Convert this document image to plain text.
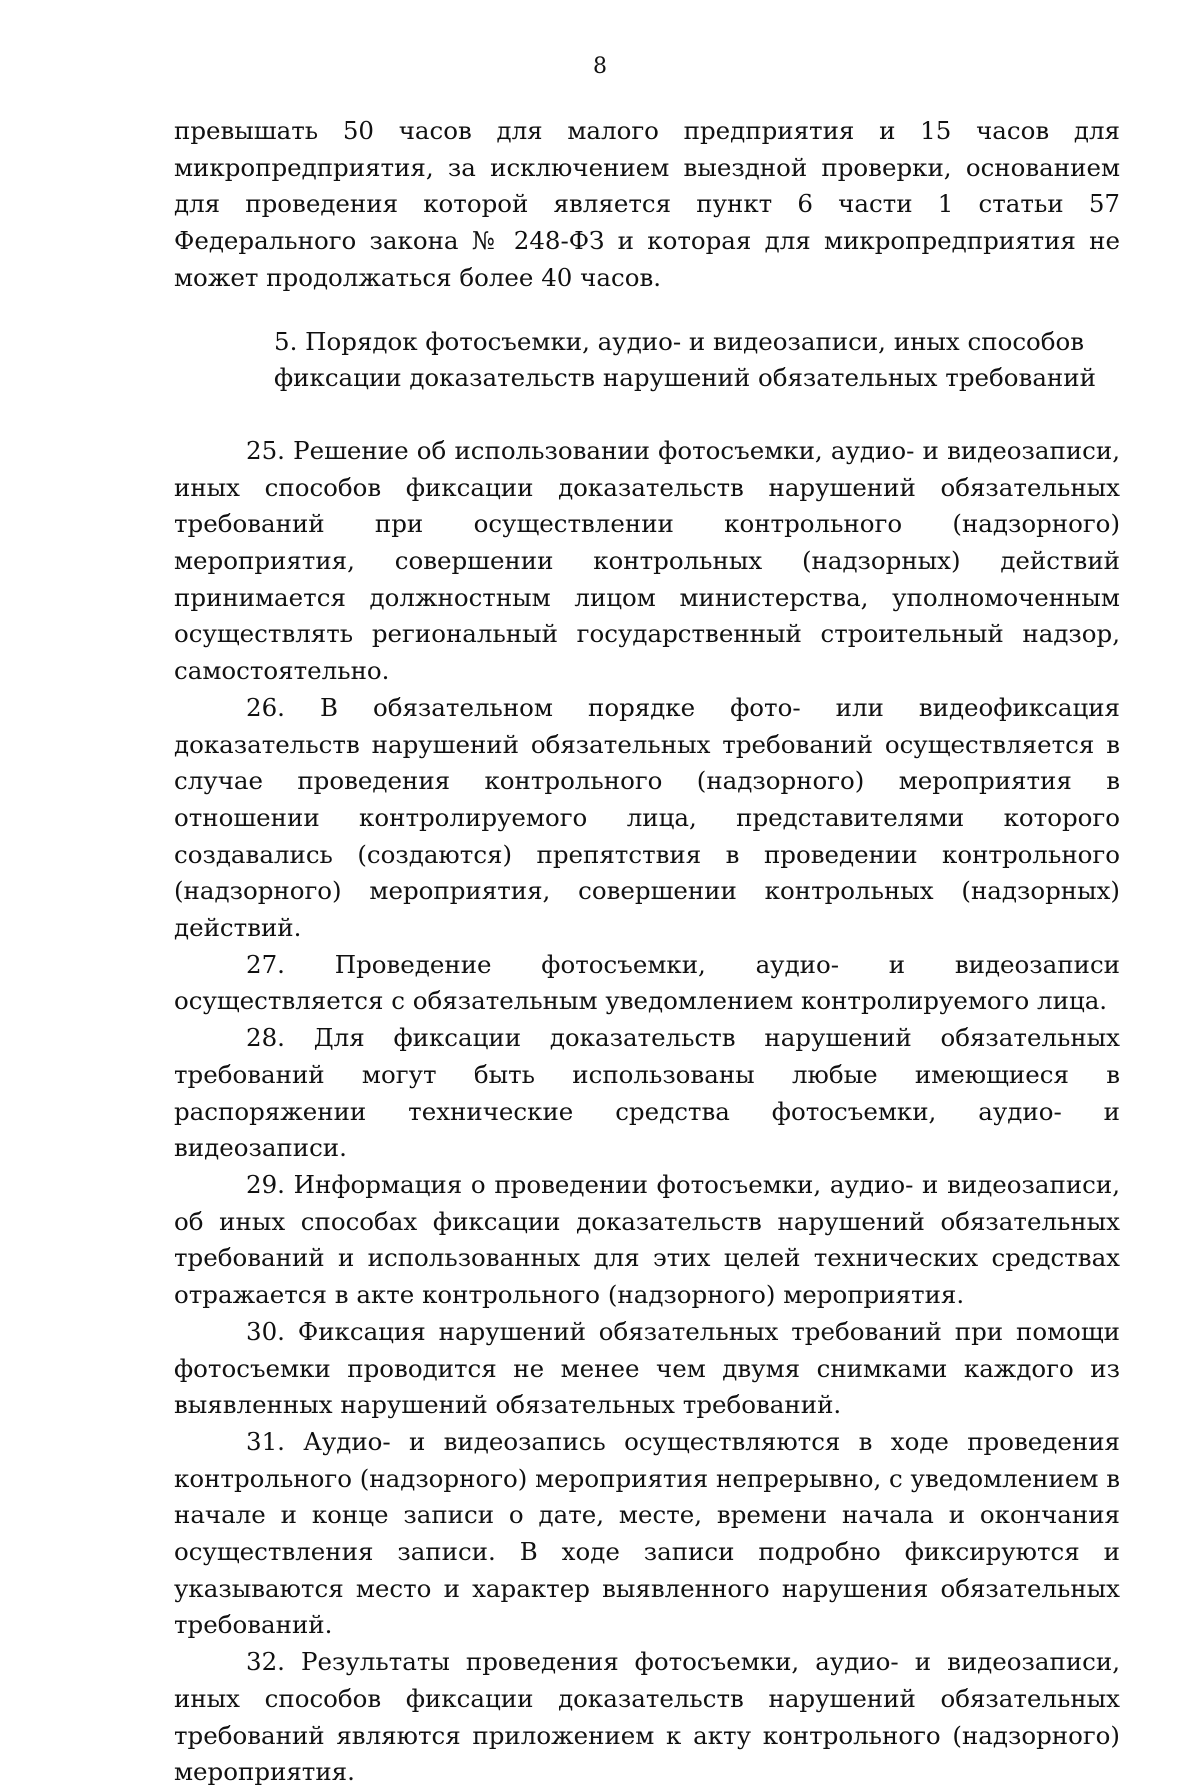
8

превышать 50 часов для малого предприятия и 15 часов для микропредприятия, за исключением выездной проверки, основанием для проведения которой является пункт 6 части 1 статьи 57 Федерального закона № 248-ФЗ и которая для микропредприятия не может продолжаться более 40 часов.

5. Порядок фотосъемки, аудио- и видеозаписи, иных способов
фиксации доказательств нарушений обязательных требований

25. Решение об использовании фотосъемки, аудио- и видеозаписи, иных способов фиксации доказательств нарушений обязательных требований при осуществлении контрольного (надзорного) мероприятия, совершении контрольных (надзорных) действий принимается должностным лицом министерства, уполномоченным осуществлять региональный государственный строительный надзор, самостоятельно.

26. В обязательном порядке фото- или видеофиксация доказательств нарушений обязательных требований осуществляется в случае проведения контрольного (надзорного) мероприятия в отношении контролируемого лица, представителями которого создавались (создаются) препятствия в проведении контрольного (надзорного) мероприятия, совершении контрольных (надзорных) действий.

27. Проведение фотосъемки, аудио- и видеозаписи осуществляется с обязательным уведомлением контролируемого лица.

28. Для фиксации доказательств нарушений обязательных требований могут быть использованы любые имеющиеся в распоряжении технические средства фотосъемки, аудио- и видеозаписи.

29. Информация о проведении фотосъемки, аудио- и видеозаписи, об иных способах фиксации доказательств нарушений обязательных требований и использованных для этих целей технических средствах отражается в акте контрольного (надзорного) мероприятия.

30. Фиксация нарушений обязательных требований при помощи фотосъемки проводится не менее чем двумя снимками каждого из выявленных нарушений обязательных требований.

31. Аудио- и видеозапись осуществляются в ходе проведения контрольного (надзорного) мероприятия непрерывно, с уведомлением в начале и конце записи о дате, месте, времени начала и окончания осуществления записи. В ходе записи подробно фиксируются и указываются место и характер выявленного нарушения обязательных требований.

32. Результаты проведения фотосъемки, аудио- и видеозаписи, иных способов фиксации доказательств нарушений обязательных требований являются приложением к акту контрольного (надзорного) мероприятия.
